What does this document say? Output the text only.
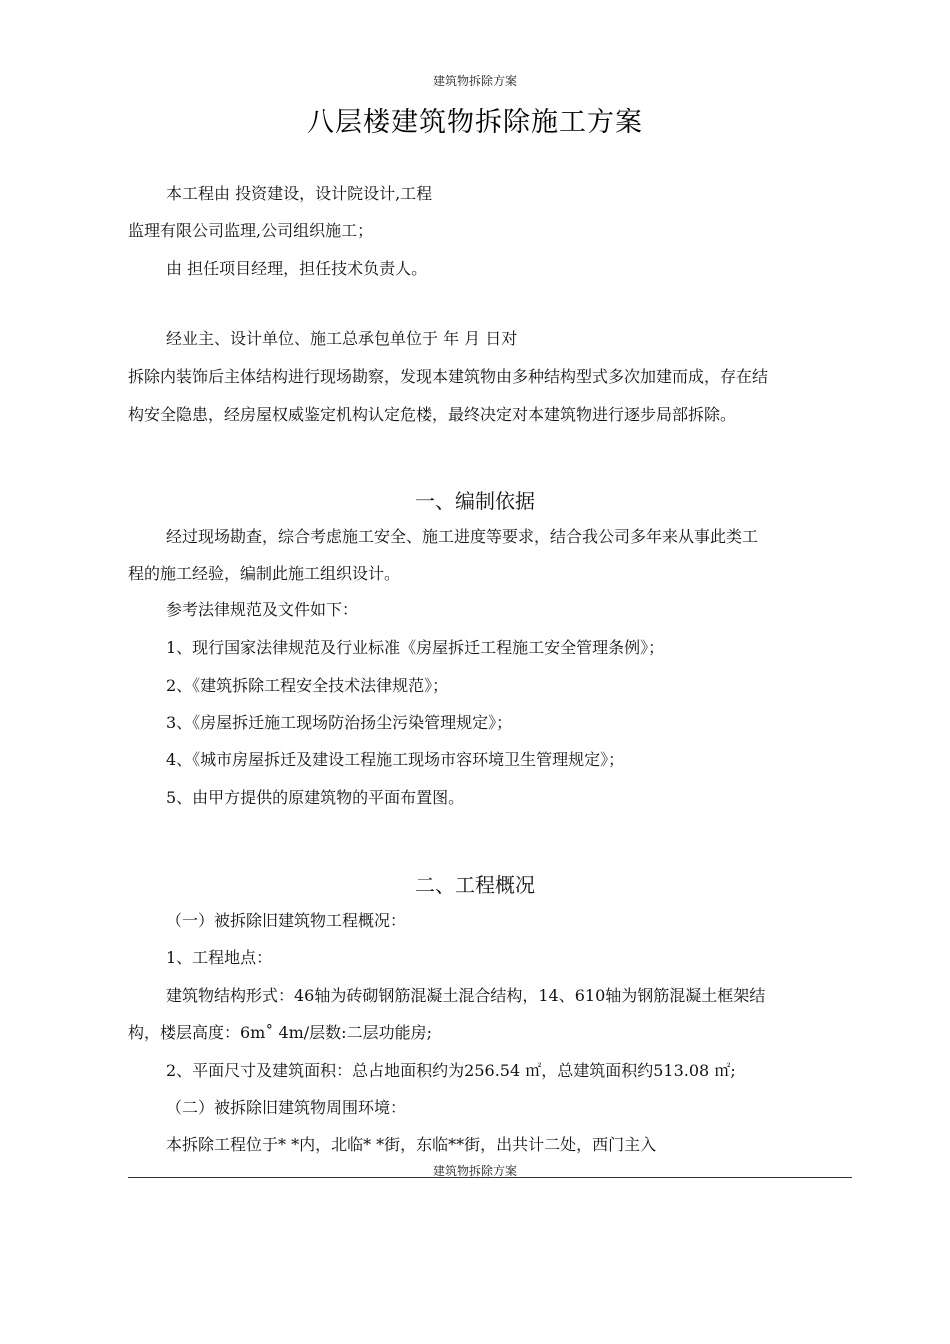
建筑物拆除方案
八层楼建筑物拆除施工方案
本工程由 投资建设，设计院设计,工程
监理有限公司监理,公司组织施工；
由 担任项目经理，担任技术负责人。
经业主、设计单位、施工总承包单位于 年 月 日对
拆除内装饰后主体结构进行现场勘察，发现本建筑物由多种结构型式多次加建而成，存在结
构安全隐患，经房屋权威鉴定机构认定危楼，最终决定对本建筑物进行逐步局部拆除。
一、编制依据
经过现场勘查，综合考虑施工安全、施工进度等要求，结合我公司多年来从事此类工
程的施工经验，编制此施工组织设计。
参考法律规范及文件如下：
1、现行国家法律规范及行业标准《房屋拆迁工程施工安全管理条例》；
2、《建筑拆除工程安全技术法律规范》；
3、《房屋拆迁施工现场防治扬尘污染管理规定》；
4、《城市房屋拆迁及建设工程施工现场市容环境卫生管理规定》；
5、由甲方提供的原建筑物的平面布置图。
二、工程概况
（一）被拆除旧建筑物工程概况：
1、工程地点：
建筑物结构形式：46轴为砖砌钢筋混凝土混合结构，14、610轴为钢筋混凝土框架结
构，楼层高度：6m˚ 4m/层数:二层功能房;
2、平面尺寸及建筑面积：总占地面积约为256.54 ㎡，总建筑面积约513.08 ㎡;
（二）被拆除旧建筑物周围环境：
本拆除工程位于* *内，北临* *街，东临**街，出共计二处，西门主入
建筑物拆除方案
